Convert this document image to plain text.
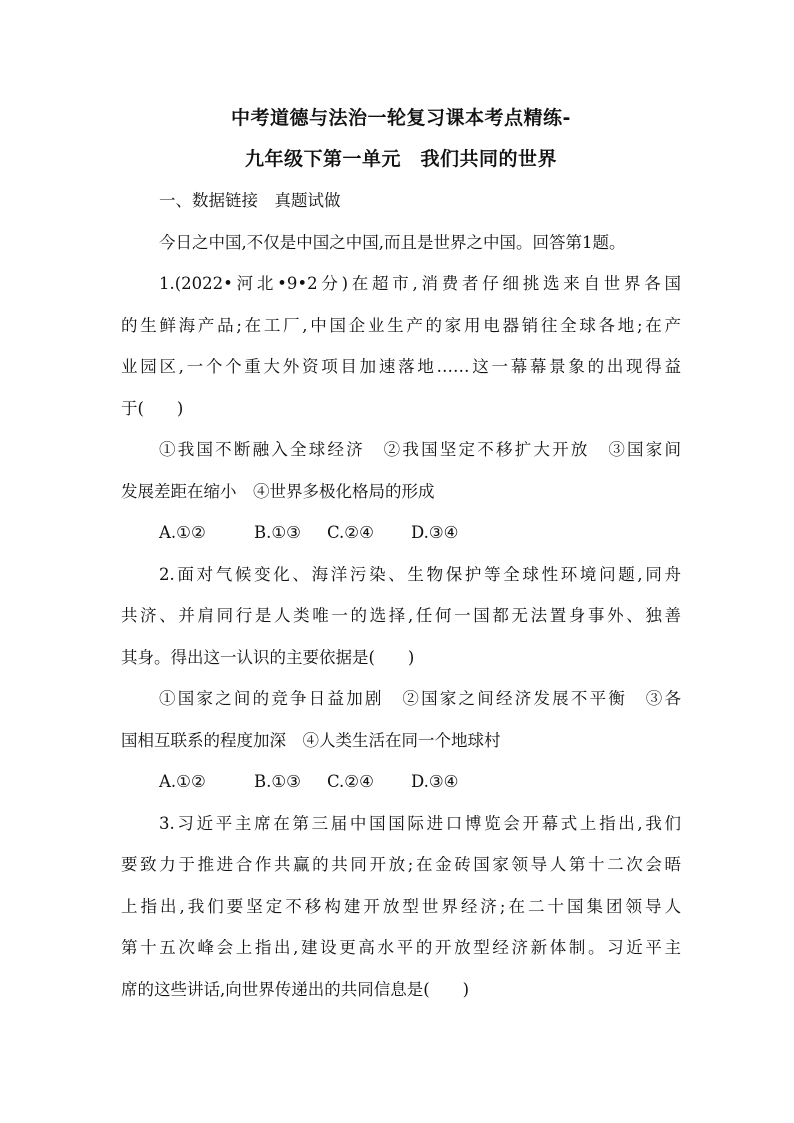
中考道德与法治一轮复习课本考点精练-
九年级下第一单元　我们共同的世界
一、数据链接　真题试做
今日之中国,不仅是中国之中国,而且是世界之中国。回答第1题。
1.(2022•河北•9•2分)在超市,消费者仔细挑选来自世界各国
的生鲜海产品;在工厂,中国企业生产的家用电器销往全球各地;在产
业园区,一个个重大外资项目加速落地……这一幕幕景象的出现得益
于(　　)
①我国不断融入全球经济　②我国坚定不移扩大开放　③国家间
发展差距在缩小　④世界多极化格局的形成
A.①②	B.①③ C.②④ D.③④
2.面对气候变化、海洋污染、生物保护等全球性环境问题,同舟
共济、并肩同行是人类唯一的选择,任何一国都无法置身事外、独善
其身。得出这一认识的主要依据是(　　)
①国家之间的竞争日益加剧　②国家之间经济发展不平衡　③各
国相互联系的程度加深　④人类生活在同一个地球村
A.①②	B.①③ C.②④ D.③④
3.习近平主席在第三届中国国际进口博览会开幕式上指出,我们
要致力于推进合作共赢的共同开放;在金砖国家领导人第十二次会晤
上指出,我们要坚定不移构建开放型世界经济;在二十国集团领导人
第十五次峰会上指出,建设更高水平的开放型经济新体制。习近平主
席的这些讲话,向世界传递出的共同信息是(　　)
